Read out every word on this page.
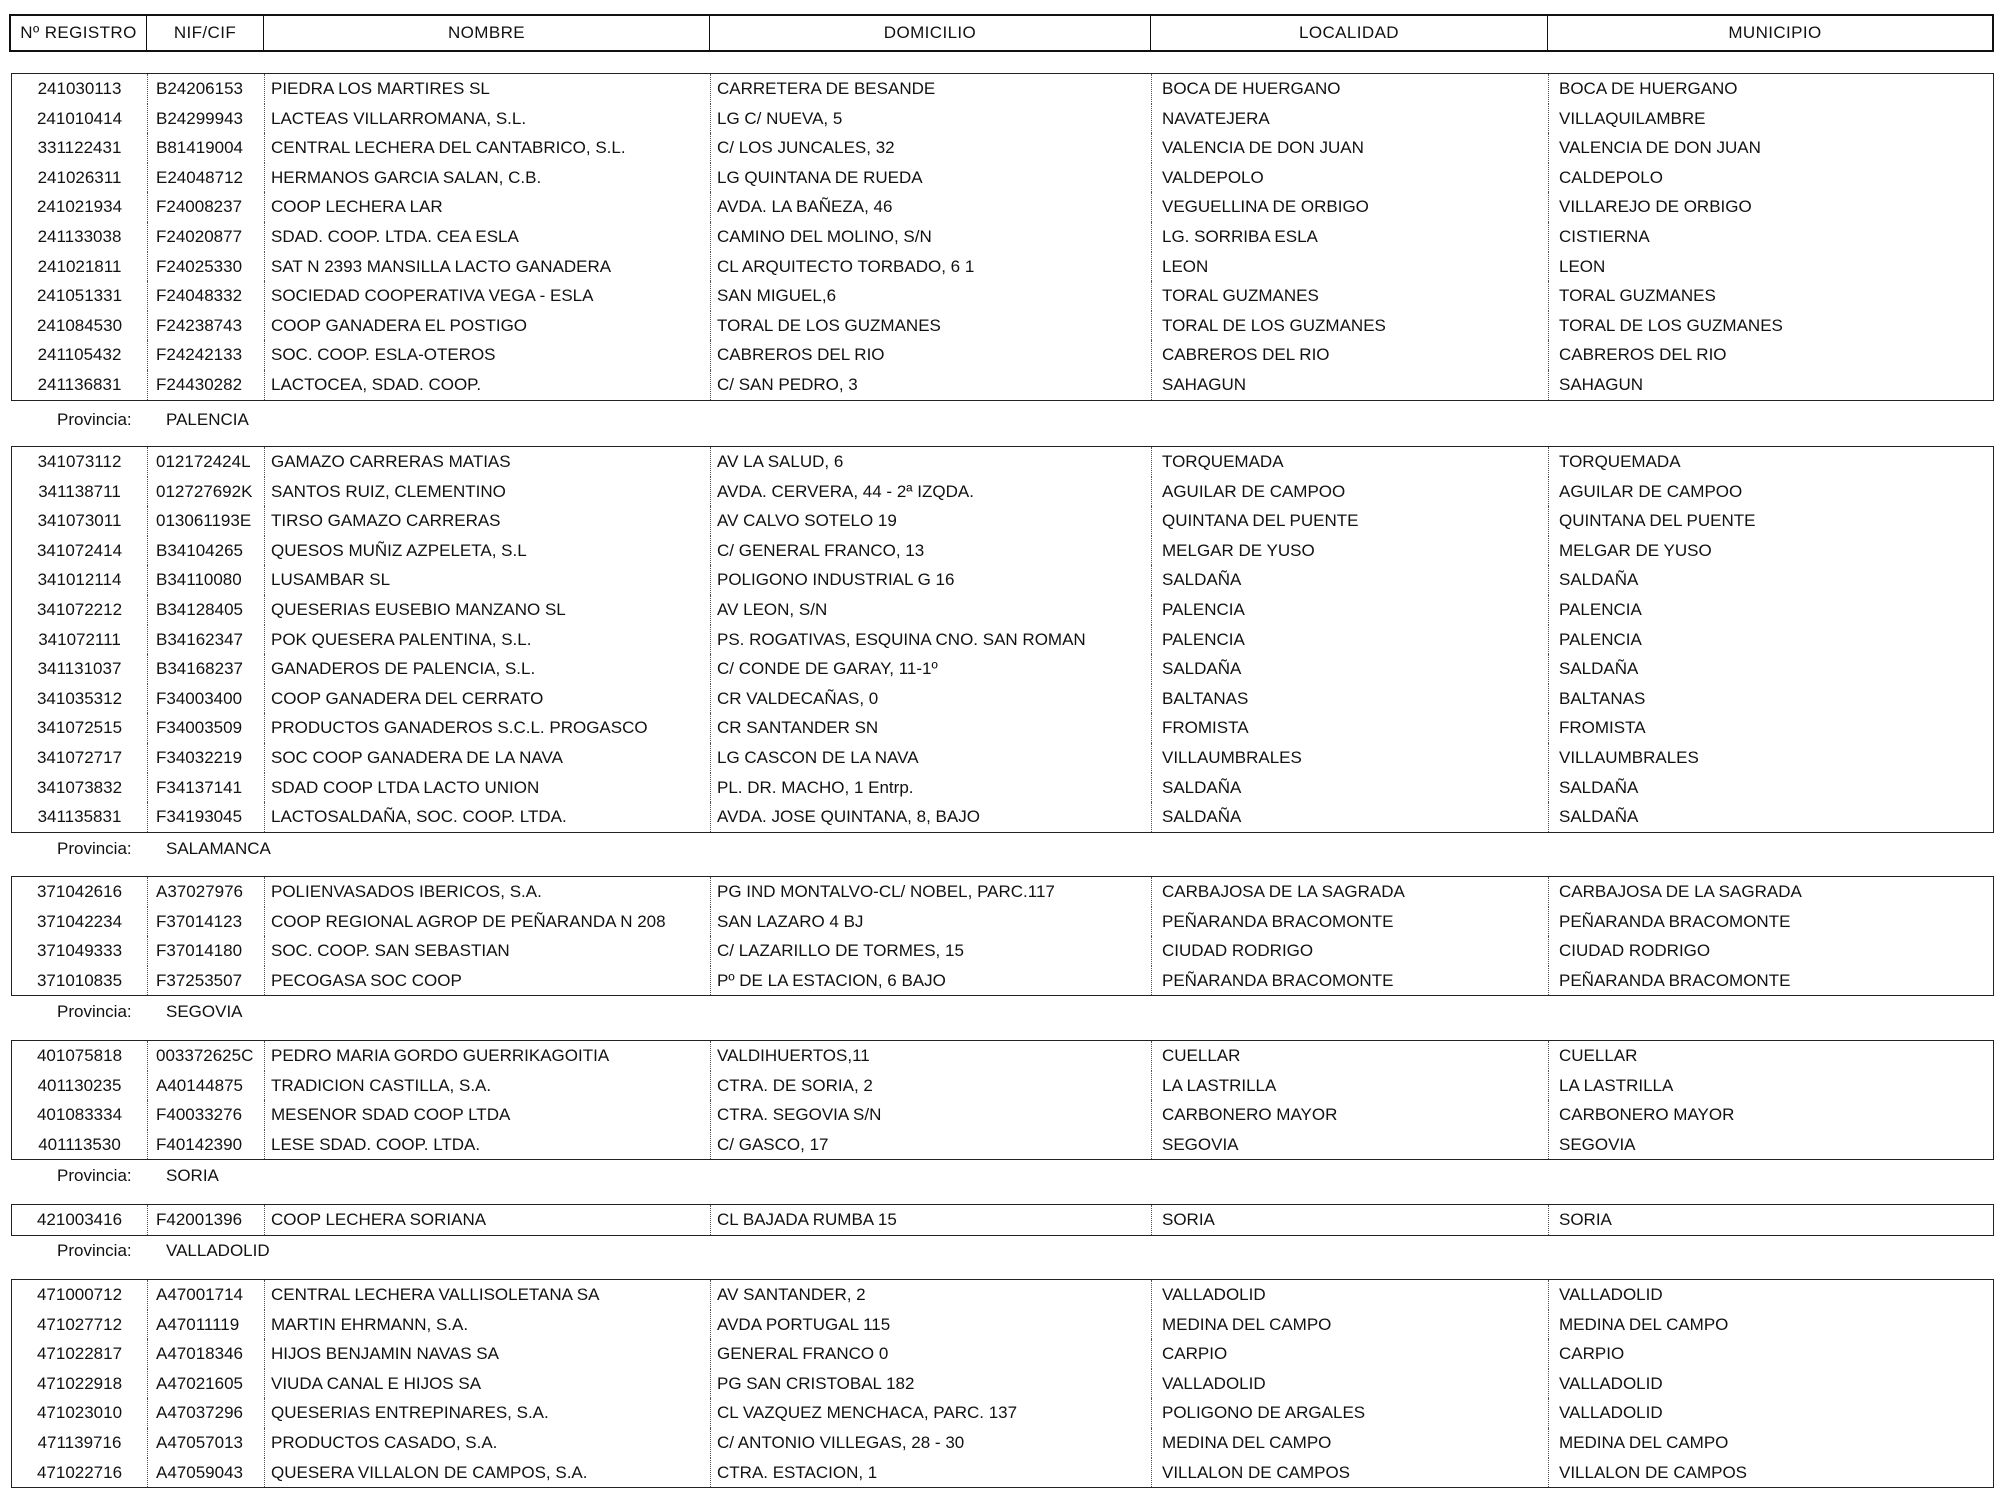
Nº REGISTRO	NIF/CIF	NOMBRE	DOMICILIO	LOCALIDAD	MUNICIPIO
241030113	B24206153	PIEDRA LOS MARTIRES SL	CARRETERA DE BESANDE	BOCA DE HUERGANO	BOCA DE HUERGANO
241010414	B24299943	LACTEAS VILLARROMANA, S.L.	LG C/ NUEVA, 5	NAVATEJERA	VILLAQUILAMBRE
331122431	B81419004	CENTRAL LECHERA DEL CANTABRICO, S.L.	C/ LOS JUNCALES, 32	VALENCIA DE DON JUAN	VALENCIA DE DON JUAN
241026311	E24048712	HERMANOS GARCIA SALAN, C.B.	LG QUINTANA DE RUEDA	VALDEPOLO	CALDEPOLO
241021934	F24008237	COOP LECHERA LAR	AVDA. LA BAÑEZA, 46	VEGUELLINA DE ORBIGO	VILLAREJO DE ORBIGO
241133038	F24020877	SDAD. COOP. LTDA. CEA ESLA	CAMINO DEL MOLINO, S/N	LG. SORRIBA ESLA	CISTIERNA
241021811	F24025330	SAT N 2393 MANSILLA LACTO GANADERA	CL ARQUITECTO TORBADO, 6 1	LEON	LEON
241051331	F24048332	SOCIEDAD COOPERATIVA VEGA - ESLA	SAN MIGUEL,6	TORAL GUZMANES	TORAL GUZMANES
241084530	F24238743	COOP GANADERA EL POSTIGO	TORAL DE LOS GUZMANES	TORAL DE LOS GUZMANES	TORAL DE LOS GUZMANES
241105432	F24242133	SOC. COOP. ESLA-OTEROS	CABREROS DEL RIO	CABREROS DEL RIO	CABREROS DEL RIO
241136831	F24430282	LACTOCEA, SDAD. COOP.	C/ SAN PEDRO, 3	SAHAGUN	SAHAGUN
Provincia:	PALENCIA
341073112	012172424L	GAMAZO CARRERAS MATIAS	AV LA SALUD, 6	TORQUEMADA	TORQUEMADA
341138711	012727692K	SANTOS RUIZ, CLEMENTINO	AVDA. CERVERA, 44 - 2ª IZQDA.	AGUILAR DE CAMPOO	AGUILAR DE CAMPOO
341073011	013061193E	TIRSO GAMAZO CARRERAS	AV CALVO SOTELO 19	QUINTANA DEL PUENTE	QUINTANA DEL PUENTE
341072414	B34104265	QUESOS MUÑIZ AZPELETA, S.L	C/ GENERAL FRANCO, 13	MELGAR DE YUSO	MELGAR DE YUSO
341012114	B34110080	LUSAMBAR SL	POLIGONO INDUSTRIAL G 16	SALDAÑA	SALDAÑA
341072212	B34128405	QUESERIAS EUSEBIO MANZANO SL	AV LEON, S/N	PALENCIA	PALENCIA
341072111	B34162347	POK QUESERA PALENTINA, S.L.	PS. ROGATIVAS, ESQUINA CNO. SAN ROMAN	PALENCIA	PALENCIA
341131037	B34168237	GANADEROS DE PALENCIA, S.L.	C/ CONDE DE GARAY, 11-1º	SALDAÑA	SALDAÑA
341035312	F34003400	COOP GANADERA DEL CERRATO	CR VALDECAÑAS, 0	BALTANAS	BALTANAS
341072515	F34003509	PRODUCTOS GANADEROS S.C.L. PROGASCO	CR SANTANDER SN	FROMISTA	FROMISTA
341072717	F34032219	SOC COOP GANADERA DE LA NAVA	LG CASCON DE LA NAVA	VILLAUMBRALES	VILLAUMBRALES
341073832	F34137141	SDAD COOP LTDA LACTO UNION	PL. DR. MACHO, 1 Entrp.	SALDAÑA	SALDAÑA
341135831	F34193045	LACTOSALDAÑA, SOC. COOP. LTDA.	AVDA. JOSE QUINTANA, 8, BAJO	SALDAÑA	SALDAÑA
Provincia:	SALAMANCA
371042616	A37027976	POLIENVASADOS IBERICOS, S.A.	PG IND MONTALVO-CL/ NOBEL, PARC.117	CARBAJOSA DE LA SAGRADA	CARBAJOSA DE LA SAGRADA
371042234	F37014123	COOP REGIONAL AGROP DE PEÑARANDA N 208	SAN LAZARO 4 BJ	PEÑARANDA BRACOMONTE	PEÑARANDA BRACOMONTE
371049333	F37014180	SOC. COOP. SAN SEBASTIAN	C/ LAZARILLO DE TORMES, 15	CIUDAD RODRIGO	CIUDAD RODRIGO
371010835	F37253507	PECOGASA SOC COOP	Pº DE LA ESTACION, 6 BAJO	PEÑARANDA BRACOMONTE	PEÑARANDA BRACOMONTE
Provincia:	SEGOVIA
401075818	003372625C	PEDRO MARIA GORDO GUERRIKAGOITIA	VALDIHUERTOS,11	CUELLAR	CUELLAR
401130235	A40144875	TRADICION CASTILLA, S.A.	CTRA. DE SORIA, 2	LA LASTRILLA	LA LASTRILLA
401083334	F40033276	MESENOR SDAD COOP LTDA	CTRA. SEGOVIA S/N	CARBONERO MAYOR	CARBONERO MAYOR
401113530	F40142390	LESE SDAD. COOP. LTDA.	C/ GASCO, 17	SEGOVIA	SEGOVIA
Provincia:	SORIA
421003416	F42001396	COOP LECHERA SORIANA	CL BAJADA RUMBA 15	SORIA	SORIA
Provincia:	VALLADOLID
471000712	A47001714	CENTRAL LECHERA VALLISOLETANA SA	AV SANTANDER, 2	VALLADOLID	VALLADOLID
471027712	A47011119	MARTIN EHRMANN, S.A.	AVDA PORTUGAL 115	MEDINA DEL CAMPO	MEDINA DEL CAMPO
471022817	A47018346	HIJOS BENJAMIN NAVAS SA	GENERAL FRANCO 0	CARPIO	CARPIO
471022918	A47021605	VIUDA CANAL E HIJOS SA	PG SAN CRISTOBAL 182	VALLADOLID	VALLADOLID
471023010	A47037296	QUESERIAS ENTREPINARES, S.A.	CL VAZQUEZ MENCHACA, PARC. 137	POLIGONO DE ARGALES	VALLADOLID
471139716	A47057013	PRODUCTOS CASADO, S.A.	C/ ANTONIO VILLEGAS, 28 - 30	MEDINA DEL CAMPO	MEDINA DEL CAMPO
471022716	A47059043	QUESERA VILLALON DE CAMPOS, S.A.	CTRA. ESTACION, 1	VILLALON DE CAMPOS	VILLALON DE CAMPOS
